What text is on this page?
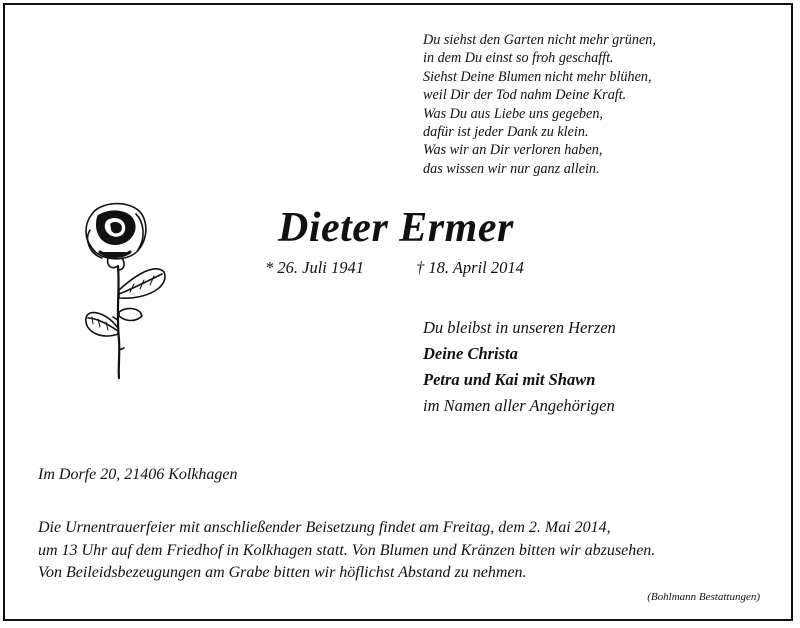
Du siehst den Garten nicht mehr grünen,
in dem Du einst so froh geschafft.
Siehst Deine Blumen nicht mehr blühen,
weil Dir der Tod nahm Deine Kraft.
Was Du aus Liebe uns gegeben,
dafür ist jeder Dank zu klein.
Was wir an Dir verloren haben,
das wissen wir nur ganz allein.
Dieter Ermer
* 26. Juli 1941	† 18. April 2014
Du bleibst in unseren Herzen
Deine Christa
Petra und Kai mit Shawn
im Namen aller Angehörigen
Im Dorfe 20, 21406 Kolkhagen
Die Urnentrauerfeier mit anschließender Beisetzung findet am Freitag, dem 2. Mai 2014,
um 13 Uhr auf dem Friedhof in Kolkhagen statt. Von Blumen und Kränzen bitten wir abzusehen.
Von Beileidsbezeugungen am Grabe bitten wir höflichst Abstand zu nehmen.
(Bohlmann Bestattungen)
